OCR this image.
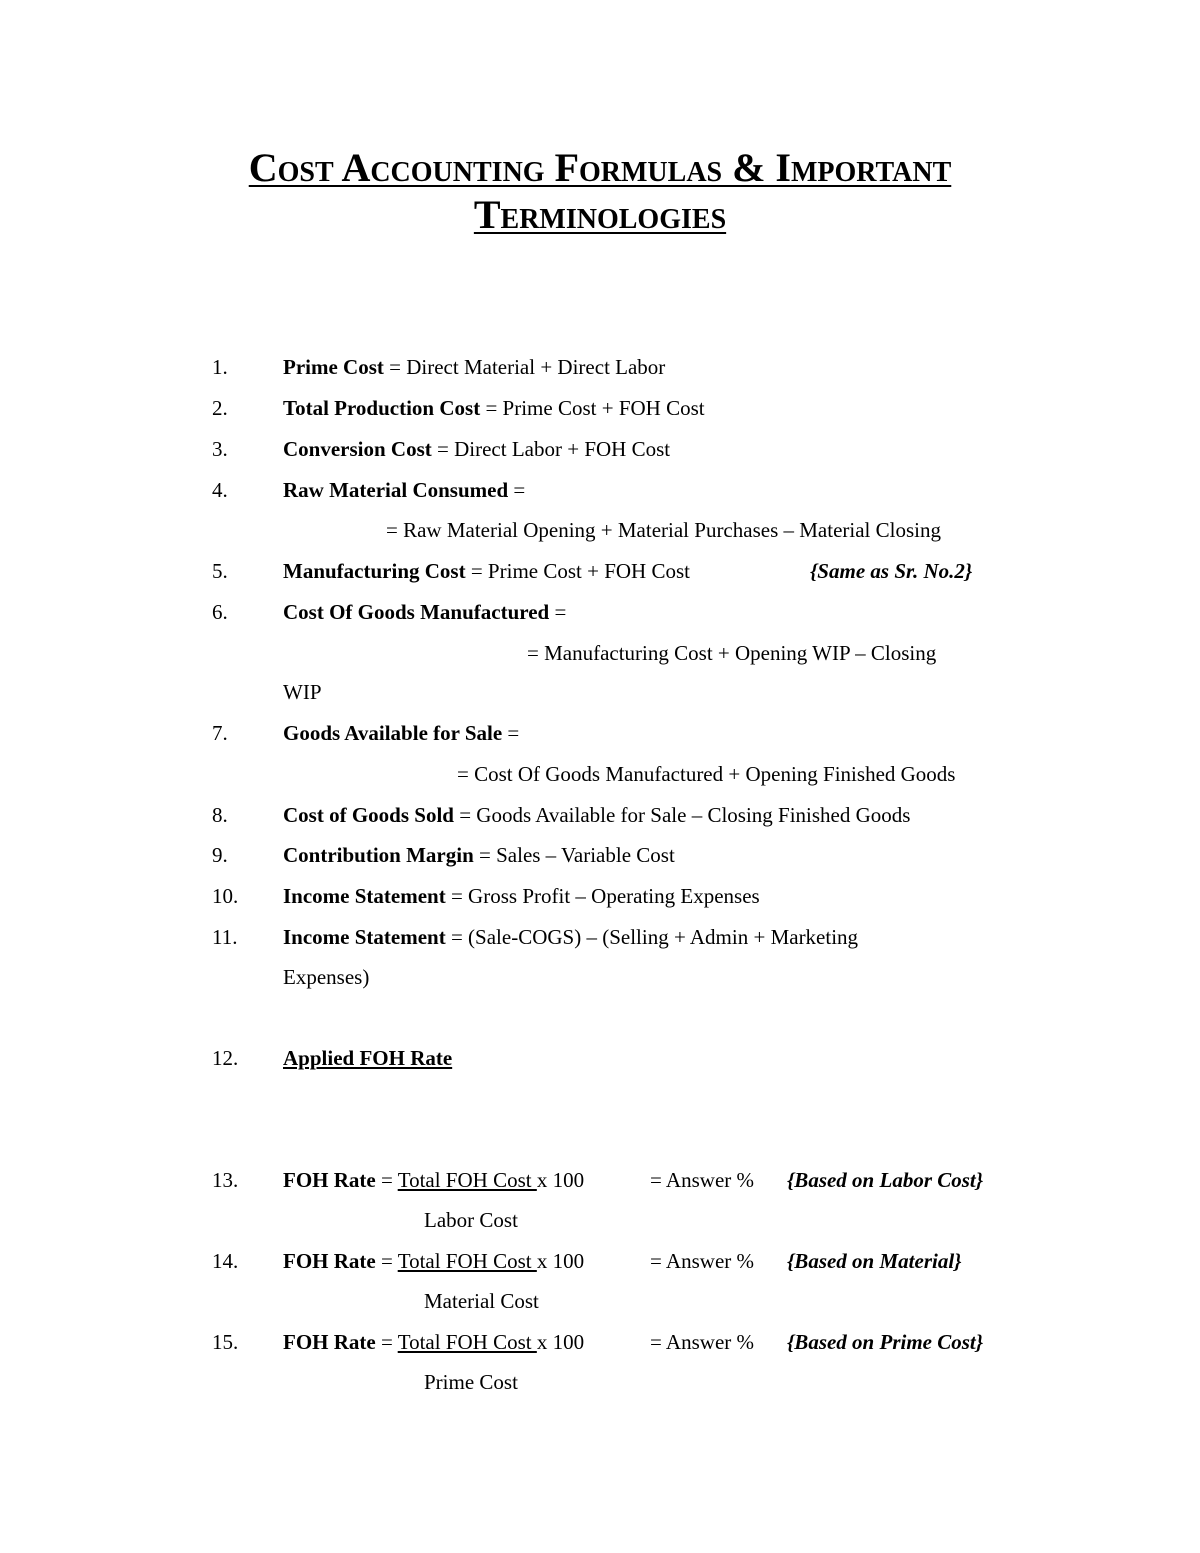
Cost Accounting Formulas & Important
Terminologies
1.	Prime Cost = Direct Material + Direct Labor
2.	Total Production Cost = Prime Cost + FOH Cost
3.	Conversion Cost = Direct Labor + FOH Cost
4.	Raw Material Consumed =
= Raw Material Opening + Material Purchases – Material Closing
5.	Manufacturing Cost = Prime Cost + FOH Cost	{Same as Sr. No.2}
6.	Cost Of Goods Manufactured =
= Manufacturing Cost + Opening WIP – Closing
WIP
7.	Goods Available for Sale =
= Cost Of Goods Manufactured + Opening Finished Goods
8.	Cost of Goods Sold = Goods Available for Sale – Closing Finished Goods
9.	Contribution Margin = Sales – Variable Cost
10. Income Statement = Gross Profit – Operating Expenses
11. Income Statement = (Sale-COGS) – (Selling + Admin + Marketing
Expenses)
12. Applied FOH Rate
13. FOH Rate = Total FOH Cost x 100	= Answer % {Based on Labor Cost}
Labor Cost
14. FOH Rate = Total FOH Cost x 100	= Answer % {Based on Material}
Material Cost
15. FOH Rate = Total FOH Cost x 100	= Answer % {Based on Prime Cost}
Prime Cost
